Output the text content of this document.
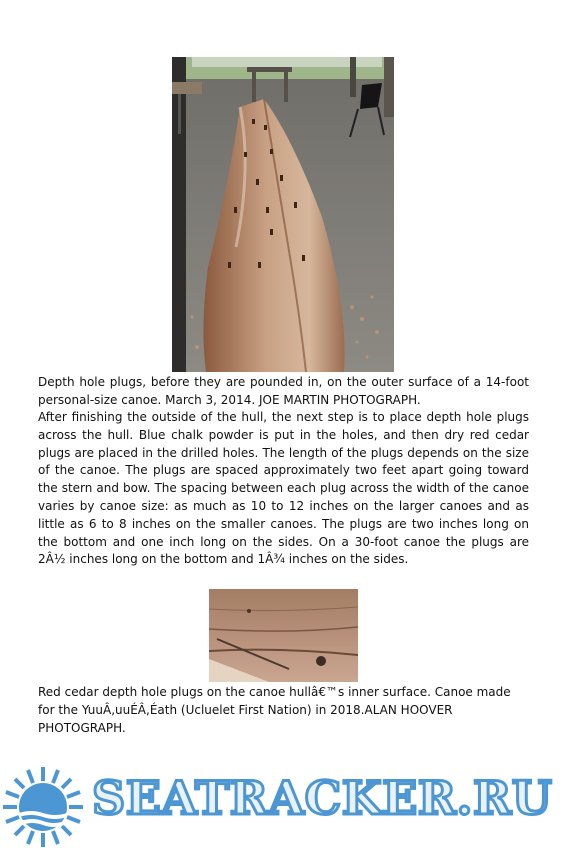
Depth hole plugs, before they are pounded in, on the outer surface of a 14-foot personal-size canoe. March 3, 2014. JOE MARTIN PHOTOGRAPH.

After finishing the outside of the hull, the next step is to place depth hole plugs across the hull. Blue chalk powder is put in the holes, and then dry red cedar plugs are placed in the drilled holes. The length of the plugs depends on the size of the canoe. The plugs are spaced approximately two feet apart going toward the stern and bow. The spacing between each plug across the width of the canoe varies by canoe size: as much as 10 to 12 inches on the larger canoes and as little as 6 to 8 inches on the smaller canoes. The plugs are two inches long on the bottom and one inch long on the sides. On a 30-foot canoe the plugs are 2Â½ inches long on the bottom and 1Â¾ inches on the sides.

Red cedar depth hole plugs on the canoe hullâ€™s inner surface. Canoe made for the YuuÂ,uuÉÂ,Éath (Ucluelet First Nation) in 2018.ALAN HOOVER PHOTOGRAPH.

SEATRACKER.RU
